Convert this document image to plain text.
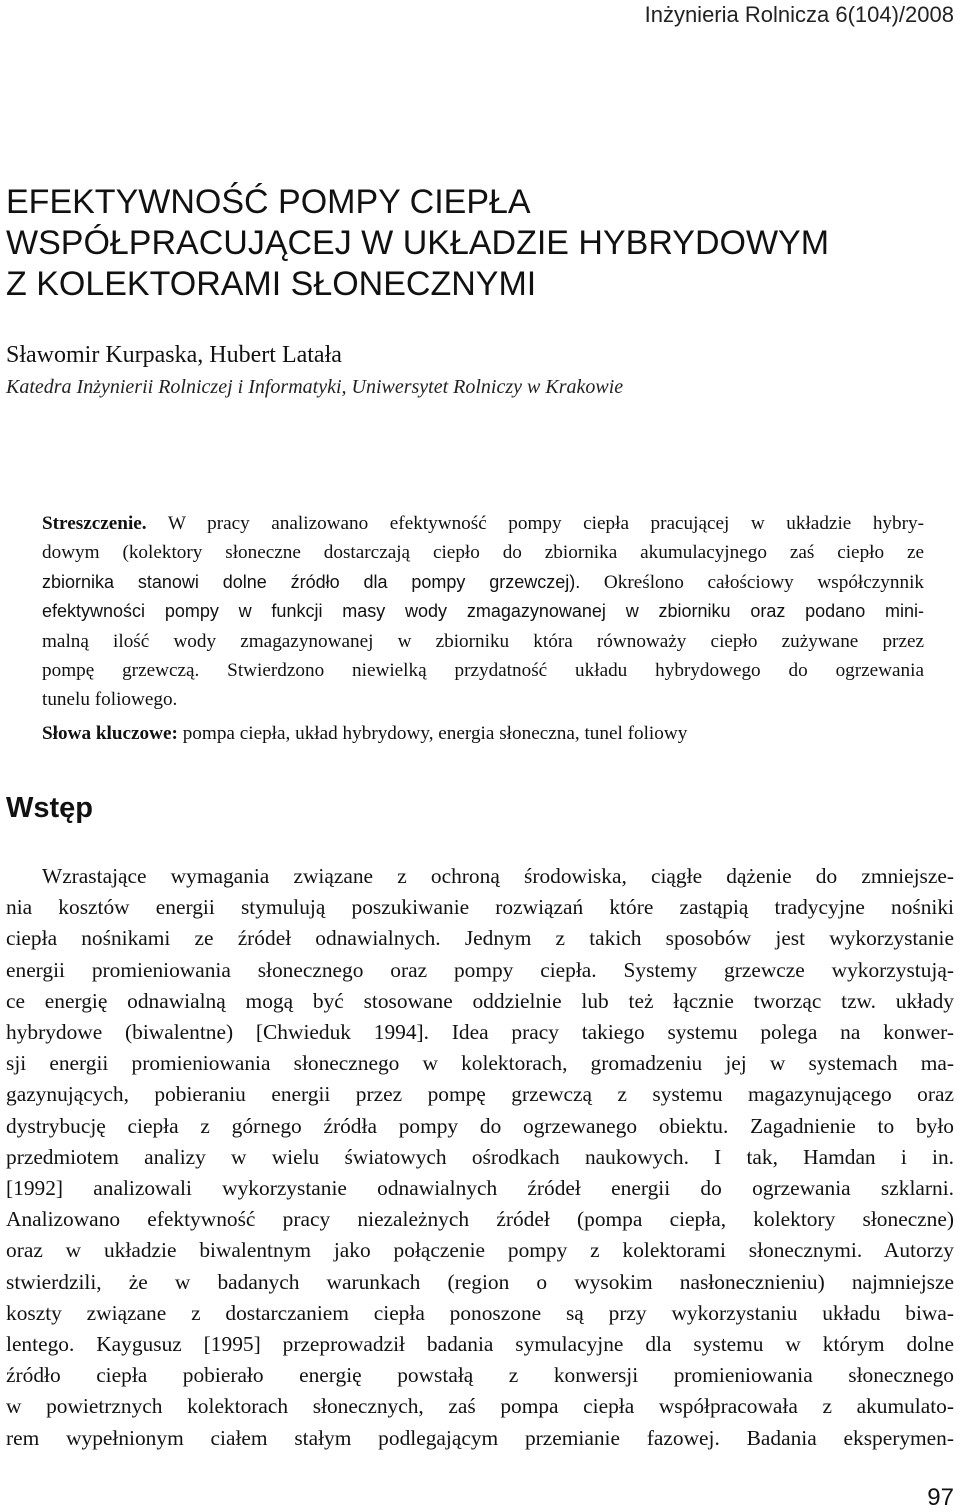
Inżynieria Rolnicza 6(104)/2008
EFEKTYWNOŚĆ POMPY CIEPŁA
WSPÓŁPRACUJĄCEJ W UKŁADZIE HYBRYDOWYM
Z KOLEKTORAMI SŁONECZNYMI
Sławomir Kurpaska, Hubert Latała
Katedra Inżynierii Rolniczej i Informatyki, Uniwersytet Rolniczy w Krakowie
Streszczenie. W pracy analizowano efektywność pompy ciepła pracującej w układzie hybry-
dowym (kolektory słoneczne dostarczają ciepło do zbiornika akumulacyjnego zaś ciepło ze
zbiornika stanowi dolne źródło dla pompy grzewczej). Określono całościowy współczynnik
efektywności pompy w funkcji masy wody zmagazynowanej w zbiorniku oraz podano mini-
malną ilość wody zmagazynowanej w zbiorniku która równoważy ciepło zużywane przez
pompę grzewczą. Stwierdzono niewielką przydatność układu hybrydowego do ogrzewania
tunelu foliowego.
Słowa kluczowe: pompa ciepła, układ hybrydowy, energia słoneczna, tunel foliowy
Wstęp
Wzrastające wymagania związane z ochroną środowiska, ciągłe dążenie do zmniejsze-
nia kosztów energii stymulują poszukiwanie rozwiązań które zastąpią tradycyjne nośniki
ciepła nośnikami ze źródeł odnawialnych. Jednym z takich sposobów jest wykorzystanie
energii promieniowania słonecznego oraz pompy ciepła. Systemy grzewcze wykorzystują-
ce energię odnawialną mogą być stosowane oddzielnie lub też łącznie tworząc tzw. układy
hybrydowe (biwalentne) [Chwieduk 1994]. Idea pracy takiego systemu polega na konwer-
sji energii promieniowania słonecznego w kolektorach, gromadzeniu jej w systemach ma-
gazynujących, pobieraniu energii przez pompę grzewczą z systemu magazynującego oraz
dystrybucję ciepła z górnego źródła pompy do ogrzewanego obiektu. Zagadnienie to było
przedmiotem analizy w wielu światowych ośrodkach naukowych. I tak, Hamdan i in.
[1992] analizowali wykorzystanie odnawialnych źródeł energii do ogrzewania szklarni.
Analizowano efektywność pracy niezależnych źródeł (pompa ciepła, kolektory słoneczne)
oraz w układzie biwalentnym jako połączenie pompy z kolektorami słonecznymi. Autorzy
stwierdzili, że w badanych warunkach (region o wysokim nasłonecznieniu) najmniejsze
koszty związane z dostarczaniem ciepła ponoszone są przy wykorzystaniu układu biwa-
lentego. Kaygusuz [1995] przeprowadził badania symulacyjne dla systemu w którym dolne
źródło ciepła pobierało energię powstałą z konwersji promieniowania słonecznego
w powietrznych kolektorach słonecznych, zaś pompa ciepła współpracowała z akumulato-
rem wypełnionym ciałem stałym podlegającym przemianie fazowej. Badania eksperymen-
97
